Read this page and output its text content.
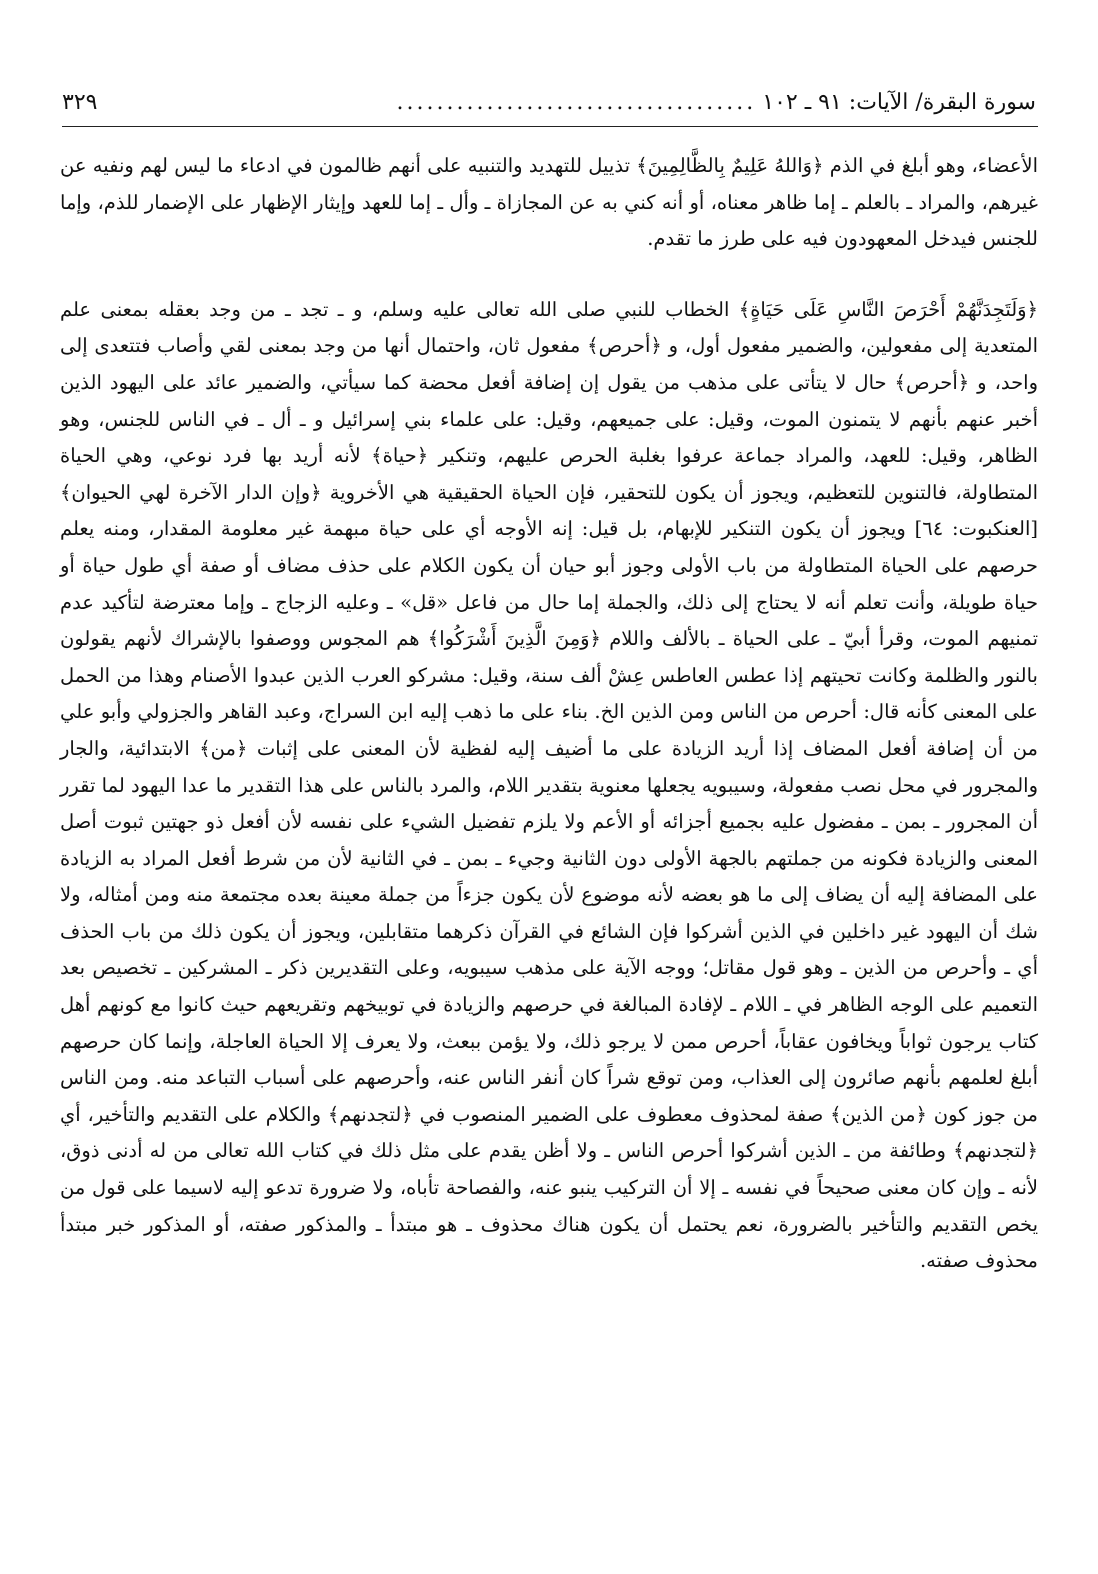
سورة البقرة/ الآيات: ٩١ ـ ١٠٢
....................................
٣٢٩

الأعضاء، وهو أبلغ في الذم ﴿وَاللهُ عَلِيمٌ بِالظَّالِمِينَ﴾ تذييل للتهديد والتنبيه على أنهم ظالمون في ادعاء ما ليس لهم ونفيه عن غيرهم، والمراد ـ بالعلم ـ إما ظاهر معناه، أو أنه كني به عن المجازاة ـ وأل ـ إما للعهد وإيثار الإظهار على الإضمار للذم، وإما للجنس فيدخل المعهودون فيه على طرز ما تقدم.

﴿وَلَتَجِدَنَّهُمْ أَحْرَصَ النَّاسِ عَلَى حَيَاةٍ﴾ الخطاب للنبي صلى الله تعالى عليه وسلم، و ـ تجد ـ من وجد بعقله بمعنى علم المتعدية إلى مفعولين، والضمير مفعول أول، و ﴿أحرص﴾ مفعول ثان، واحتمال أنها من وجد بمعنى لقي وأصاب فتتعدى إلى واحد، و ﴿أحرص﴾ حال لا يتأتى على مذهب من يقول إن إضافة أفعل محضة كما سيأتي، والضمير عائد على اليهود الذين أخبر عنهم بأنهم لا يتمنون الموت، وقيل: على جميعهم، وقيل: على علماء بني إسرائيل و ـ أل ـ في الناس للجنس، وهو الظاهر، وقيل: للعهد، والمراد جماعة عرفوا بغلبة الحرص عليهم، وتنكير ﴿حياة﴾ لأنه أريد بها فرد نوعي، وهي الحياة المتطاولة، فالتنوين للتعظيم، ويجوز أن يكون للتحقير، فإن الحياة الحقيقية هي الأخروية ﴿وإن الدار الآخرة لهي الحيوان﴾ [العنكبوت: ٦٤] ويجوز أن يكون التنكير للإبهام، بل قيل: إنه الأوجه أي على حياة مبهمة غير معلومة المقدار، ومنه يعلم حرصهم على الحياة المتطاولة من باب الأولى وجوز أبو حيان أن يكون الكلام على حذف مضاف أو صفة أي طول حياة أو حياة طويلة، وأنت تعلم أنه لا يحتاج إلى ذلك، والجملة إما حال من فاعل «قل» ـ وعليه الزجاج ـ وإما معترضة لتأكيد عدم تمنيهم الموت، وقرأ أبيّ ـ على الحياة ـ بالألف واللام ﴿وَمِنَ الَّذِينَ أَشْرَكُوا﴾ هم المجوس ووصفوا بالإشراك لأنهم يقولون بالنور والظلمة وكانت تحيتهم إذا عطس العاطس عِشْ ألف سنة، وقيل: مشركو العرب الذين عبدوا الأصنام وهذا من الحمل على المعنى كأنه قال: أحرص من الناس ومن الذين الخ. بناء على ما ذهب إليه ابن السراج، وعبد القاهر والجزولي وأبو علي من أن إضافة أفعل المضاف إذا أريد الزيادة على ما أضيف إليه لفظية لأن المعنى على إثبات ﴿من﴾ الابتدائية، والجار والمجرور في محل نصب مفعولة، وسيبويه يجعلها معنوية بتقدير اللام، والمرد بالناس على هذا التقدير ما عدا اليهود لما تقرر أن المجرور ـ بمن ـ مفضول عليه بجميع أجزائه أو الأعم ولا يلزم تفضيل الشيء على نفسه لأن أفعل ذو جهتين ثبوت أصل المعنى والزيادة فكونه من جملتهم بالجهة الأولى دون الثانية وجيء ـ بمن ـ في الثانية لأن من شرط أفعل المراد به الزيادة على المضافة إليه أن يضاف إلى ما هو بعضه لأنه موضوع لأن يكون جزءاً من جملة معينة بعده مجتمعة منه ومن أمثاله، ولا شك أن اليهود غير داخلين في الذين أشركوا فإن الشائع في القرآن ذكرهما متقابلين، ويجوز أن يكون ذلك من باب الحذف أي ـ وأحرص من الذين ـ وهو قول مقاتل؛ ووجه الآية على مذهب سيبويه، وعلى التقديرين ذكر ـ المشركين ـ تخصيص بعد التعميم على الوجه الظاهر في ـ اللام ـ لإفادة المبالغة في حرصهم والزيادة في توبيخهم وتقريعهم حيث كانوا مع كونهم أهل كتاب يرجون ثواباً ويخافون عقاباً، أحرص ممن لا يرجو ذلك، ولا يؤمن ببعث، ولا يعرف إلا الحياة العاجلة، وإنما كان حرصهم أبلغ لعلمهم بأنهم صائرون إلى العذاب، ومن توقع شراً كان أنفر الناس عنه، وأحرصهم على أسباب التباعد منه. ومن الناس من جوز كون ﴿من الذين﴾ صفة لمحذوف معطوف على الضمير المنصوب في ﴿لتجدنهم﴾ والكلام على التقديم والتأخير، أي ﴿لتجدنهم﴾ وطائفة من ـ الذين أشركوا أحرص الناس ـ ولا أظن يقدم على مثل ذلك في كتاب الله تعالى من له أدنى ذوق، لأنه ـ وإن كان معنى صحيحاً في نفسه ـ إلا أن التركيب ينبو عنه، والفصاحة تأباه، ولا ضرورة تدعو إليه لاسيما على قول من يخص التقديم والتأخير بالضرورة، نعم يحتمل أن يكون هناك محذوف ـ هو مبتدأ ـ والمذكور صفته، أو المذكور خبر مبتدأ محذوف صفته.
